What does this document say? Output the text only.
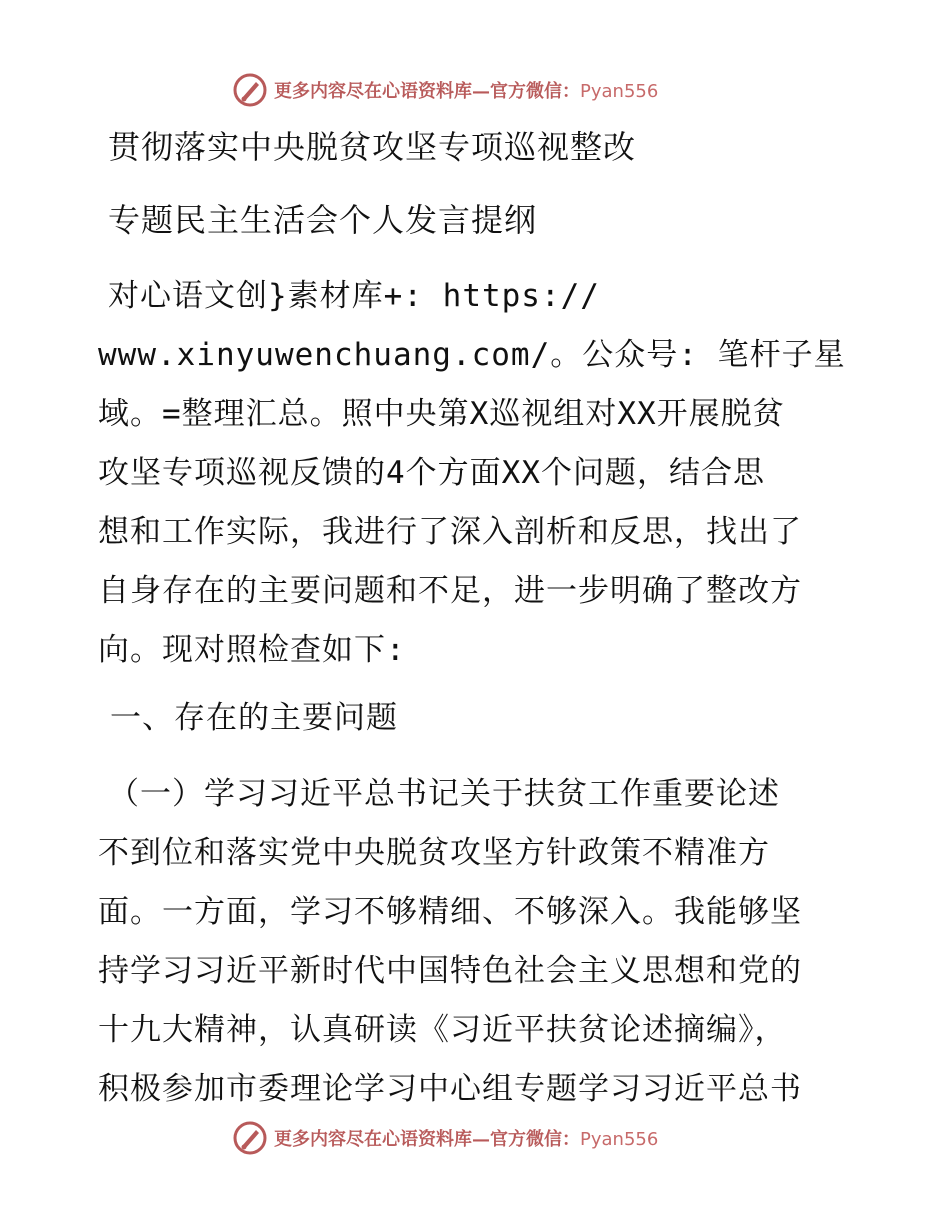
更多内容尽在心语资料库—官方微信：Pyan556
贯彻落实中央脱贫攻坚专项巡视整改
专题民主生活会个人发言提纲
对心语文创}素材库+: https://
www.xinyuwenchuang.com/。公众号: 笔杆子星
域。=整理汇总。照中央第X巡视组对XX开展脱贫
攻坚专项巡视反馈的4个方面XX个问题，结合思
想和工作实际，我进行了深入剖析和反思，找出了
自身存在的主要问题和不足，进一步明确了整改方
向。现对照检查如下:
一、存在的主要问题
（一）学习习近平总书记关于扶贫工作重要论述
不到位和落实党中央脱贫攻坚方针政策不精准方
面。一方面，学习不够精细、不够深入。我能够坚
持学习习近平新时代中国特色社会主义思想和党的
十九大精神，认真研读《习近平扶贫论述摘编》，
积极参加市委理论学习中心组专题学习习近平总书
更多内容尽在心语资料库—官方微信：Pyan556
